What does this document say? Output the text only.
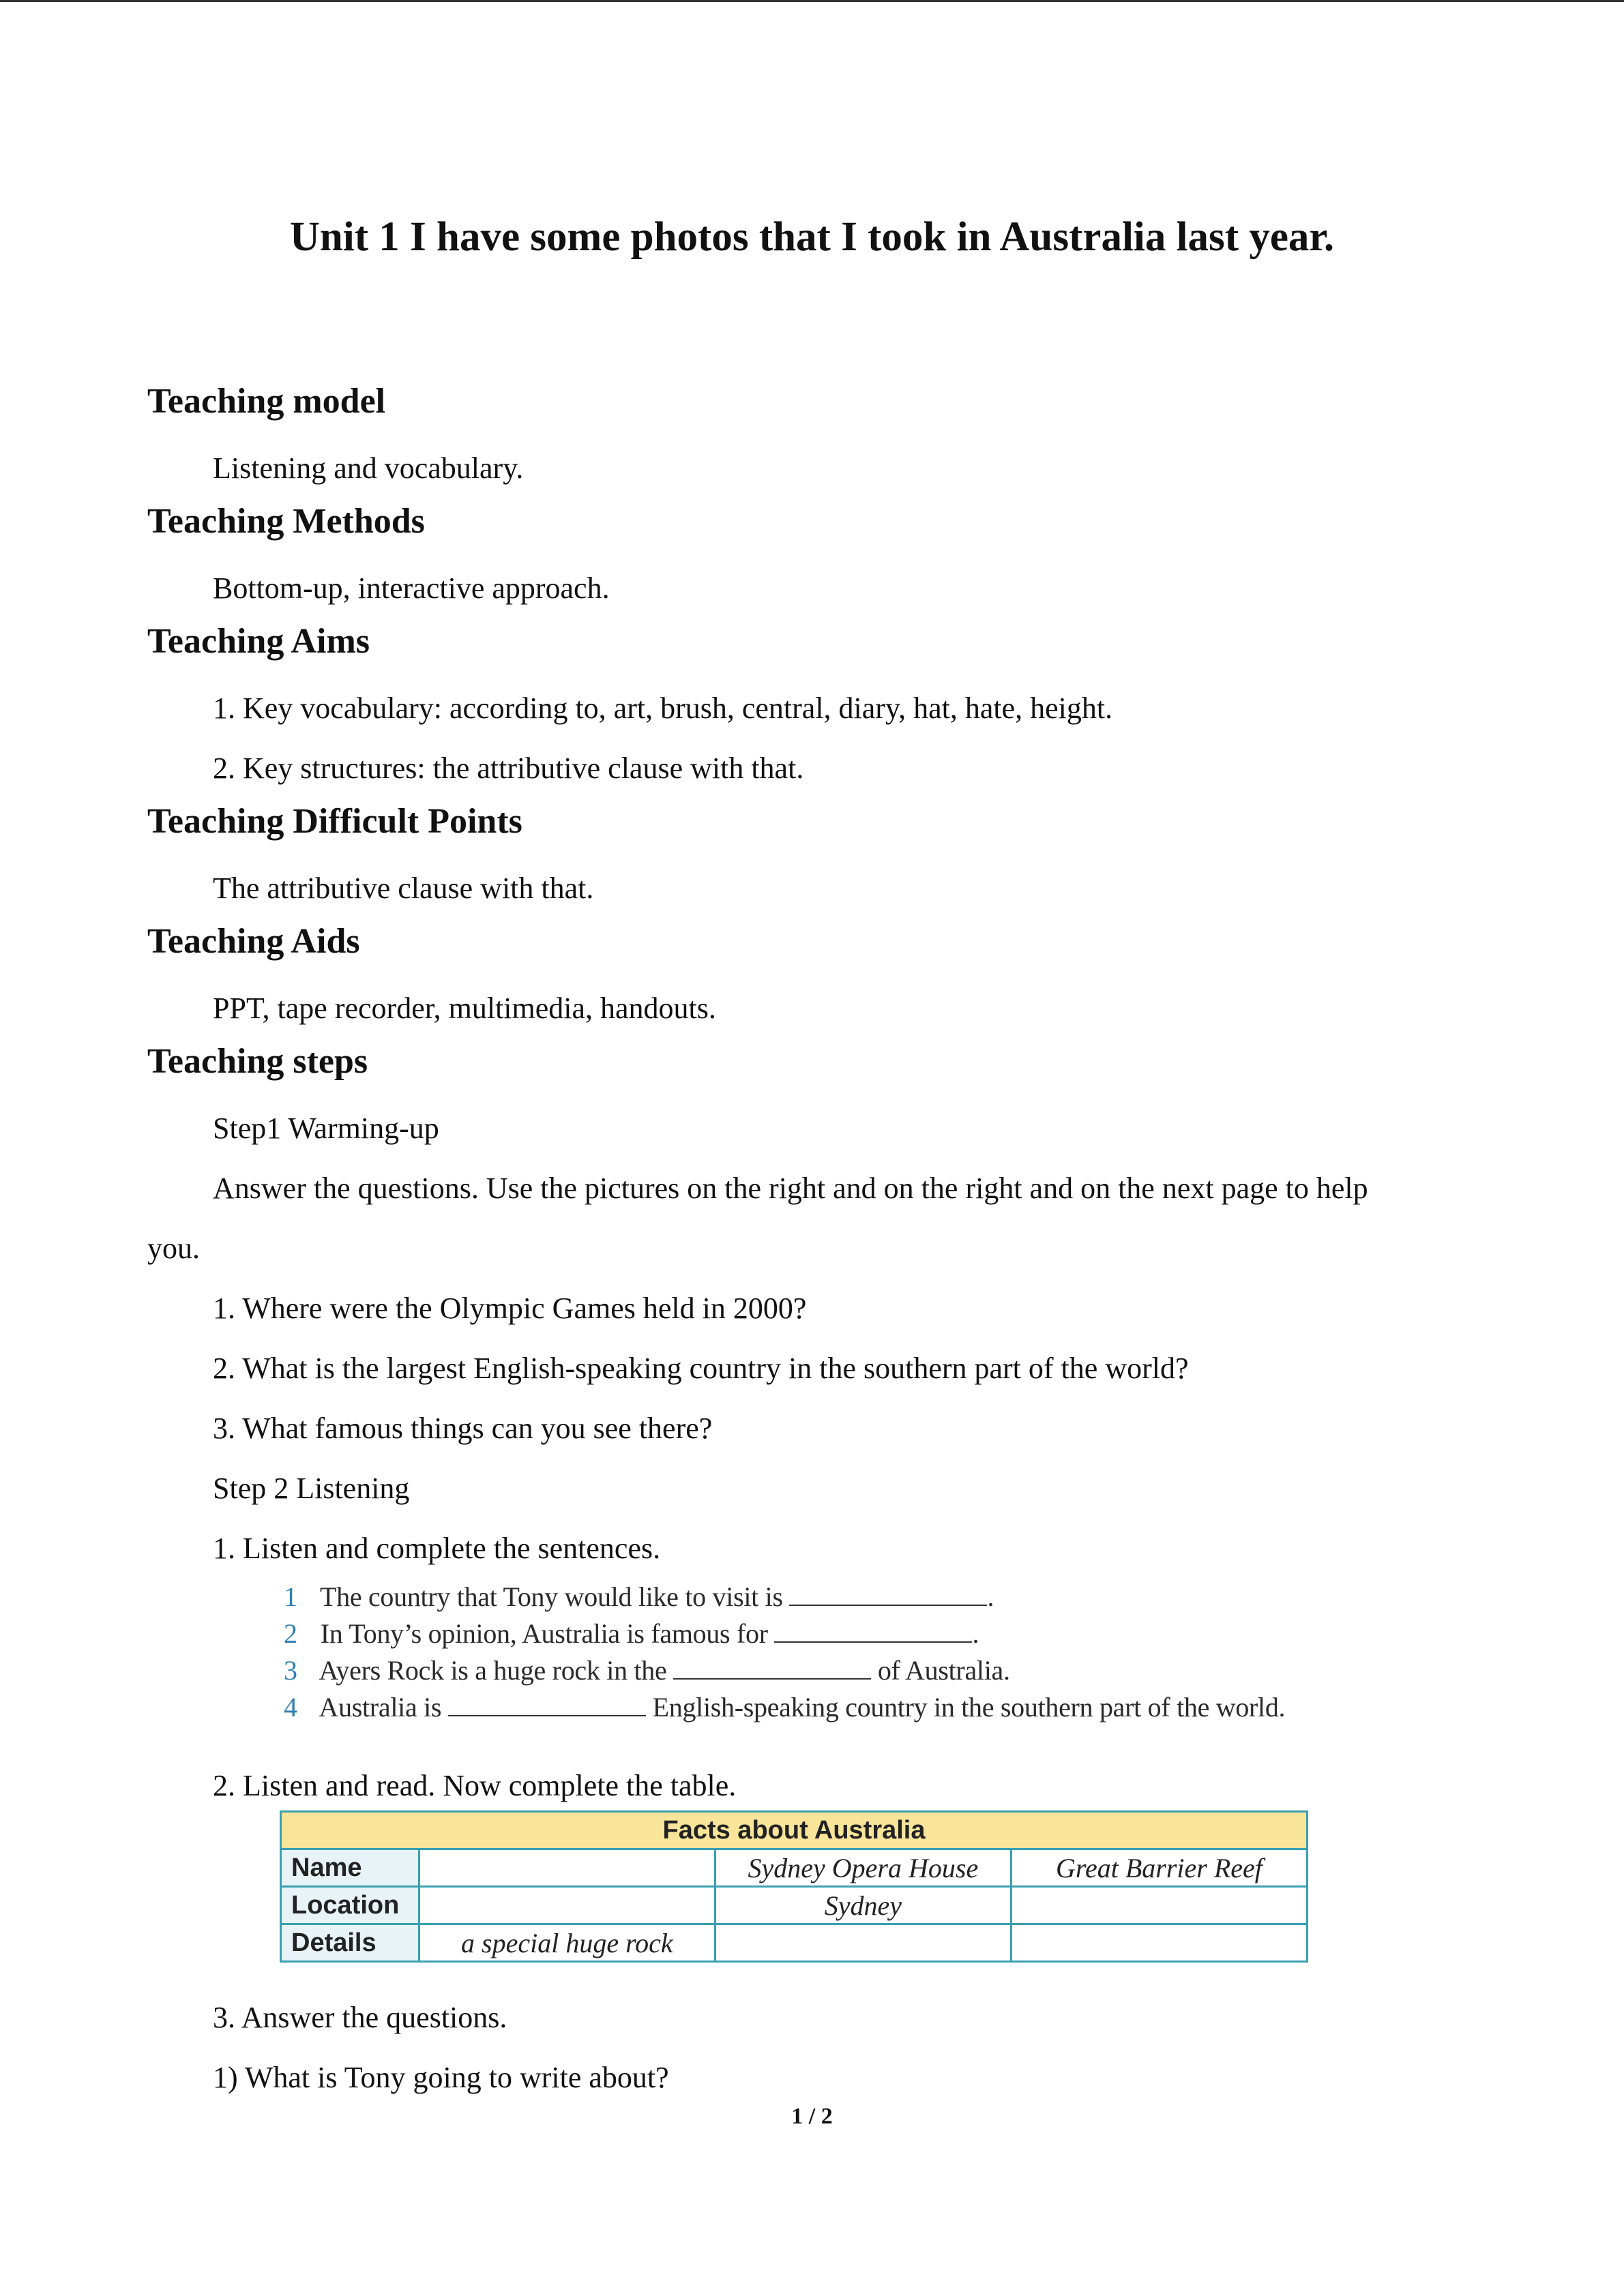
Unit 1 I have some photos that I took in Australia last year.
Teaching model
Listening and vocabulary.
Teaching Methods
Bottom-up, interactive approach.
Teaching Aims
1. Key vocabulary: according to, art, brush, central, diary, hat, hate, height.
2. Key structures: the attributive clause with that.
Teaching Difficult Points
The attributive clause with that.
Teaching Aids
PPT, tape recorder, multimedia, handouts.
Teaching steps
Step1 Warming-up
Answer the questions. Use the pictures on the right and on the right and on the next page to help
you.
1. Where were the Olympic Games held in 2000?
2. What is the largest English-speaking country in the southern part of the world?
3. What famous things can you see there?
Step 2 Listening
1. Listen and complete the sentences.
1 The country that Tony would like to visit is	.
2 In Tony’s opinion, Australia is famous for	.
3 Ayers Rock is a huge rock in the	of Australia.
4 Australia is	English-speaking country in the southern part of the world.
2. Listen and read. Now complete the table.
Facts about Australia			
Name		Sydney Opera House	Great Barrier Reef
Location		Sydney	
Details	a special huge rock		
3. Answer the questions.
1) What is Tony going to write about?
1 / 2
